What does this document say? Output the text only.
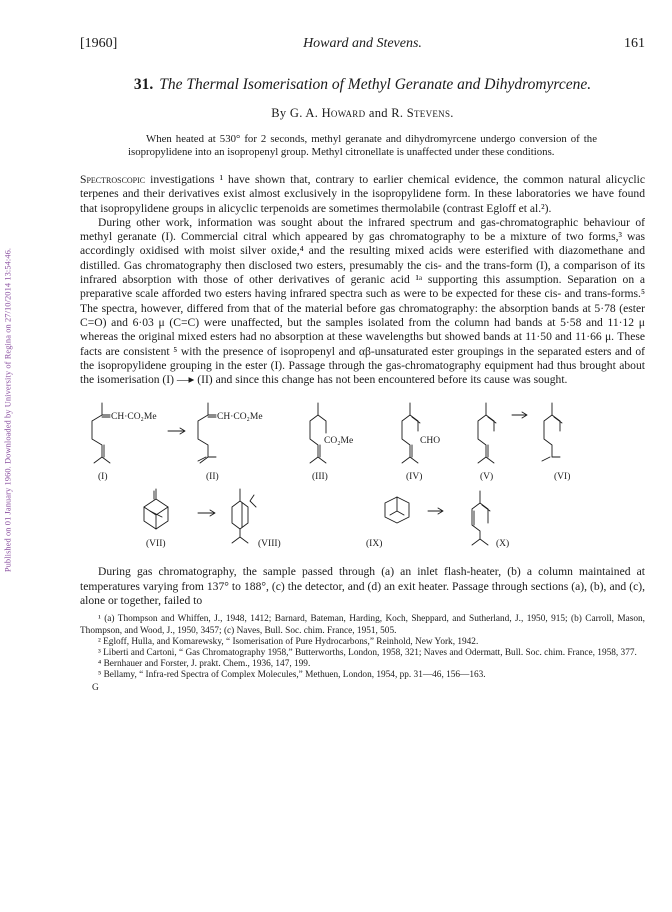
Published on 01 January 1960. Downloaded by University of Regina on 27/10/2014 13:54:46.
[1960]	Howard and Stevens.	161
31. The Thermal Isomerisation of Methyl Geranate and Dihydromyrcene.
By G. A. Howard and R. Stevens.

When heated at 530° for 2 seconds, methyl geranate and dihydromyrcene undergo conversion of the isopropylidene into an isopropenyl group. Methyl citronellate is unaffected under these conditions.

Spectroscopic investigations ¹ have shown that, contrary to earlier chemical evidence, the common natural alicyclic terpenes and their derivatives exist almost exclusively in the isopropylidene form. In these laboratories we have found that isopropylidene groups in alicyclic terpenoids are sometimes thermolabile (contrast Egloff et al.²).

During other work, information was sought about the infrared spectrum and gas-chromatographic behaviour of methyl geranate (I). Commercial citral which appeared by gas chromatography to be a mixture of two forms,³ was accordingly oxidised with moist silver oxide,⁴ and the resulting mixed acids were esterified with diazomethane and distilled. Gas chromatography then disclosed two esters, presumably the cis- and the trans-form (I), a comparison of its infrared absorption with those of other derivatives of geranic acid ¹ᵃ supporting this assumption. Separation on a preparative scale afforded two esters having infrared spectra such as were to be expected for these cis- and trans-forms.⁵ The spectra, however, differed from that of the material before gas chromatography: the absorption bands at 5·78 (ester C=O) and 6·03 μ (C=C) were unaffected, but the samples isolated from the column had bands at 5·58 and 11·12 μ whereas the original mixed esters had no absorption at these wavelengths but showed bands at 11·50 and 11·66 μ. These facts are consistent ⁵ with the presence of isopropenyl and αβ-unsaturated ester groupings in the separated esters and of the isopropylidene grouping in the ester (I). Passage through the gas-chromatography equipment had thus brought about the isomerisation (I) —▸ (II) and since this change has not been encountered before its cause was sought.

CH·CO₂Me	CH·CO₂Me
CO₂Me	CHO
(I)	(II)	(III)	(IV)	(V)	(VI)
(VII)	(VIII)	(IX)	(X)

During gas chromatography, the sample passed through (a) an inlet flash-heater, (b) a column maintained at temperatures varying from 137° to 188°, (c) the detector, and (d) an exit heater. Passage through sections (a), (b), and (c), alone or together, failed to

¹ (a) Thompson and Whiffen, J., 1948, 1412; Barnard, Bateman, Harding, Koch, Sheppard, and Sutherland, J., 1950, 915; (b) Carroll, Mason, Thompson, and Wood, J., 1950, 3457; (c) Naves, Bull. Soc. chim. France, 1951, 505.

² Egloff, Hulla, and Komarewsky, “ Isomerisation of Pure Hydrocarbons,” Reinhold, New York, 1942.

³ Liberti and Cartoni, “ Gas Chromatography 1958,” Butterworths, London, 1958, 321; Naves and Odermatt, Bull. Soc. chim. France, 1958, 377.

⁴ Bernhauer and Forster, J. prakt. Chem., 1936, 147, 199.

⁵ Bellamy, “ Infra-red Spectra of Complex Molecules,” Methuen, London, 1954, pp. 31—46, 156—163.

G
